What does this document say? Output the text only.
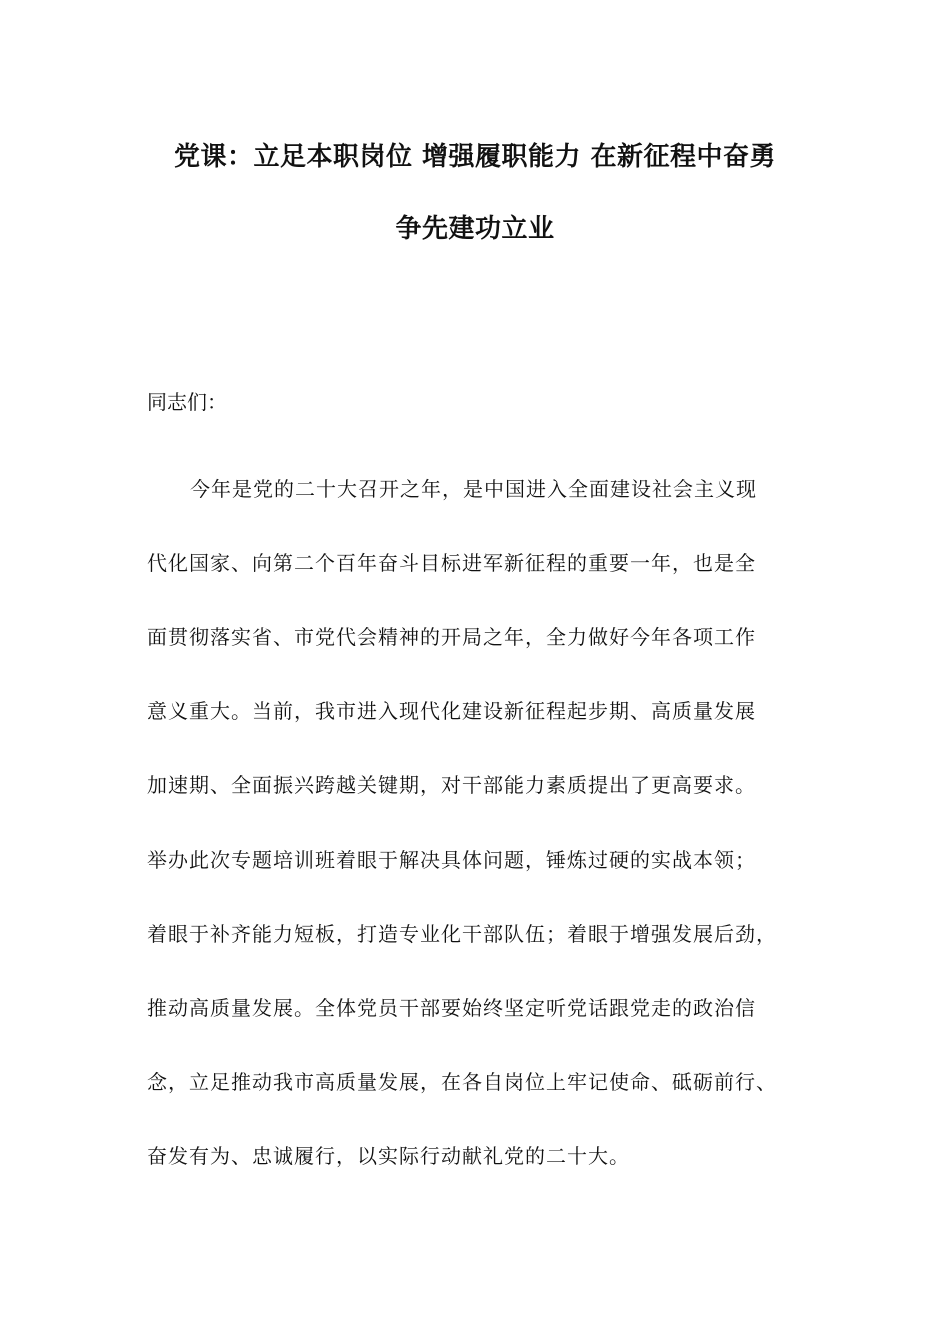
党课：立足本职岗位 增强履职能力 在新征程中奋勇
争先建功立业
同志们：
今年是党的二十大召开之年，是中国进入全面建设社会主义现
代化国家、向第二个百年奋斗目标进军新征程的重要一年，也是全
面贯彻落实省、市党代会精神的开局之年，全力做好今年各项工作
意义重大。当前，我市进入现代化建设新征程起步期、高质量发展
加速期、全面振兴跨越关键期，对干部能力素质提出了更高要求。
举办此次专题培训班着眼于解决具体问题，锤炼过硬的实战本领；
着眼于补齐能力短板，打造专业化干部队伍；着眼于增强发展后劲，
推动高质量发展。全体党员干部要始终坚定听党话跟党走的政治信
念，立足推动我市高质量发展，在各自岗位上牢记使命、砥砺前行、
奋发有为、忠诚履行，以实际行动献礼党的二十大。
